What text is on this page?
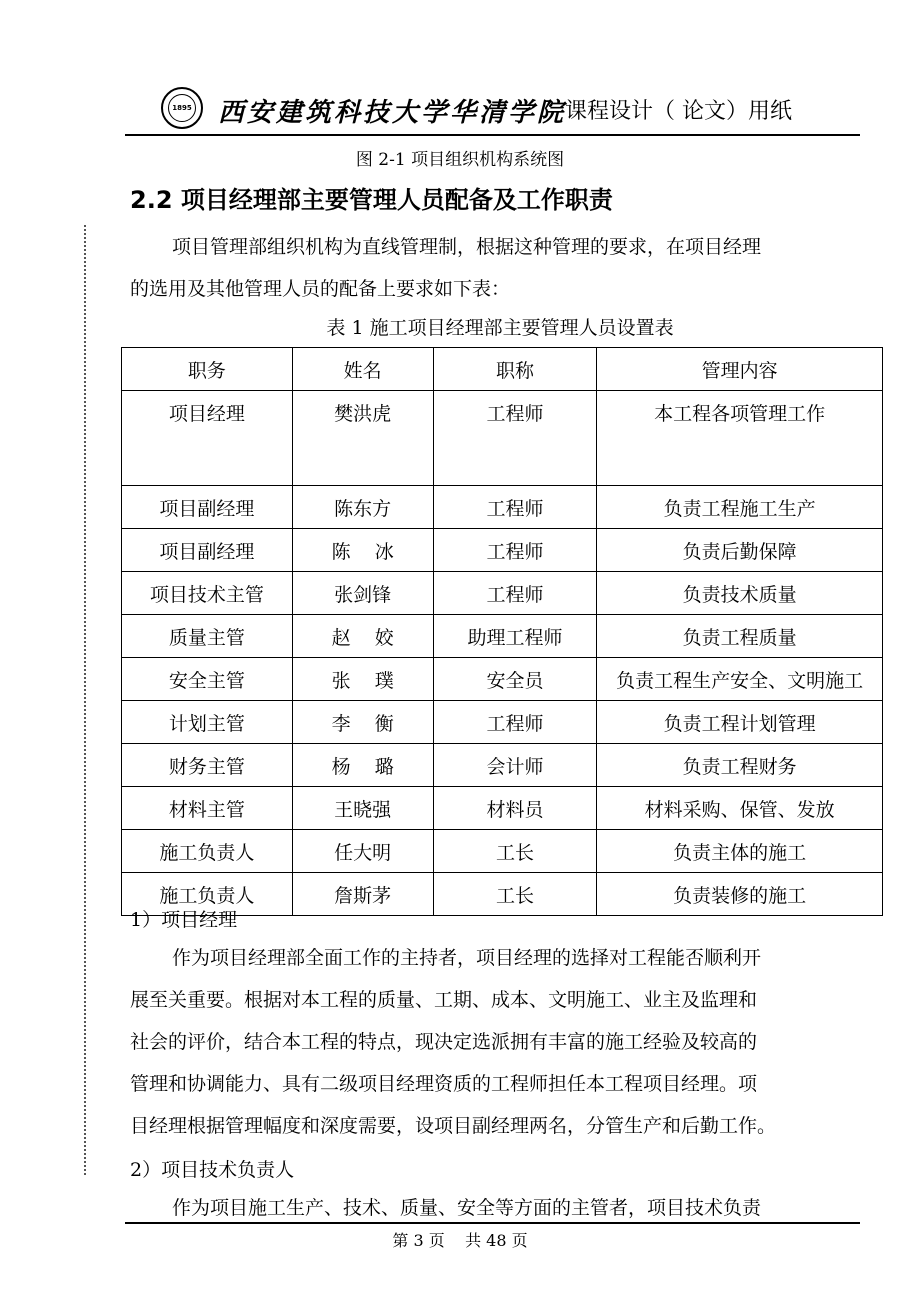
1895 西安建筑科技大学华清学院
课程设计（ 论文）用纸
图 2-1 项目组织机构系统图
2.2 项目经理部主要管理人员配备及工作职责

项目管理部组织机构为直线管理制，根据这种管理的要求，在项目经理
的选用及其他管理人员的配备上要求如下表：

表 1 施工项目经理部主要管理人员设置表
职务	姓名	职称	管理内容
项目经理	樊洪虎	工程师	本工程各项管理工作
项目副经理	陈东方	工程师	负责工程施工生产
项目副经理	陈    冰	工程师	负责后勤保障
项目技术主管	张剑锋	工程师	负责技术质量
质量主管	赵    姣	助理工程师	负责工程质量
安全主管	张    璞	安全员	负责工程生产安全、文明施工
计划主管	李    衡	工程师	负责工程计划管理
财务主管	杨    璐	会计师	负责工程财务
材料主管	王晓强	材料员	材料采购、保管、发放
施工负责人	任大明	工长	负责主体的施工
施工负责人	詹斯茅	工长	负责装修的施工
1）项目经理

作为项目经理部全面工作的主持者，项目经理的选择对工程能否顺利开
展至关重要。根据对本工程的质量、工期、成本、文明施工、业主及监理和
社会的评价，结合本工程的特点，现决定选派拥有丰富的施工经验及较高的
管理和协调能力、具有二级项目经理资质的工程师担任本工程项目经理。项
目经理根据管理幅度和深度需要，设项目副经理两名，分管生产和后勤工作。

2）项目技术负责人

作为项目施工生产、技术、质量、安全等方面的主管者，项目技术负责

第 3 页    共 48 页
